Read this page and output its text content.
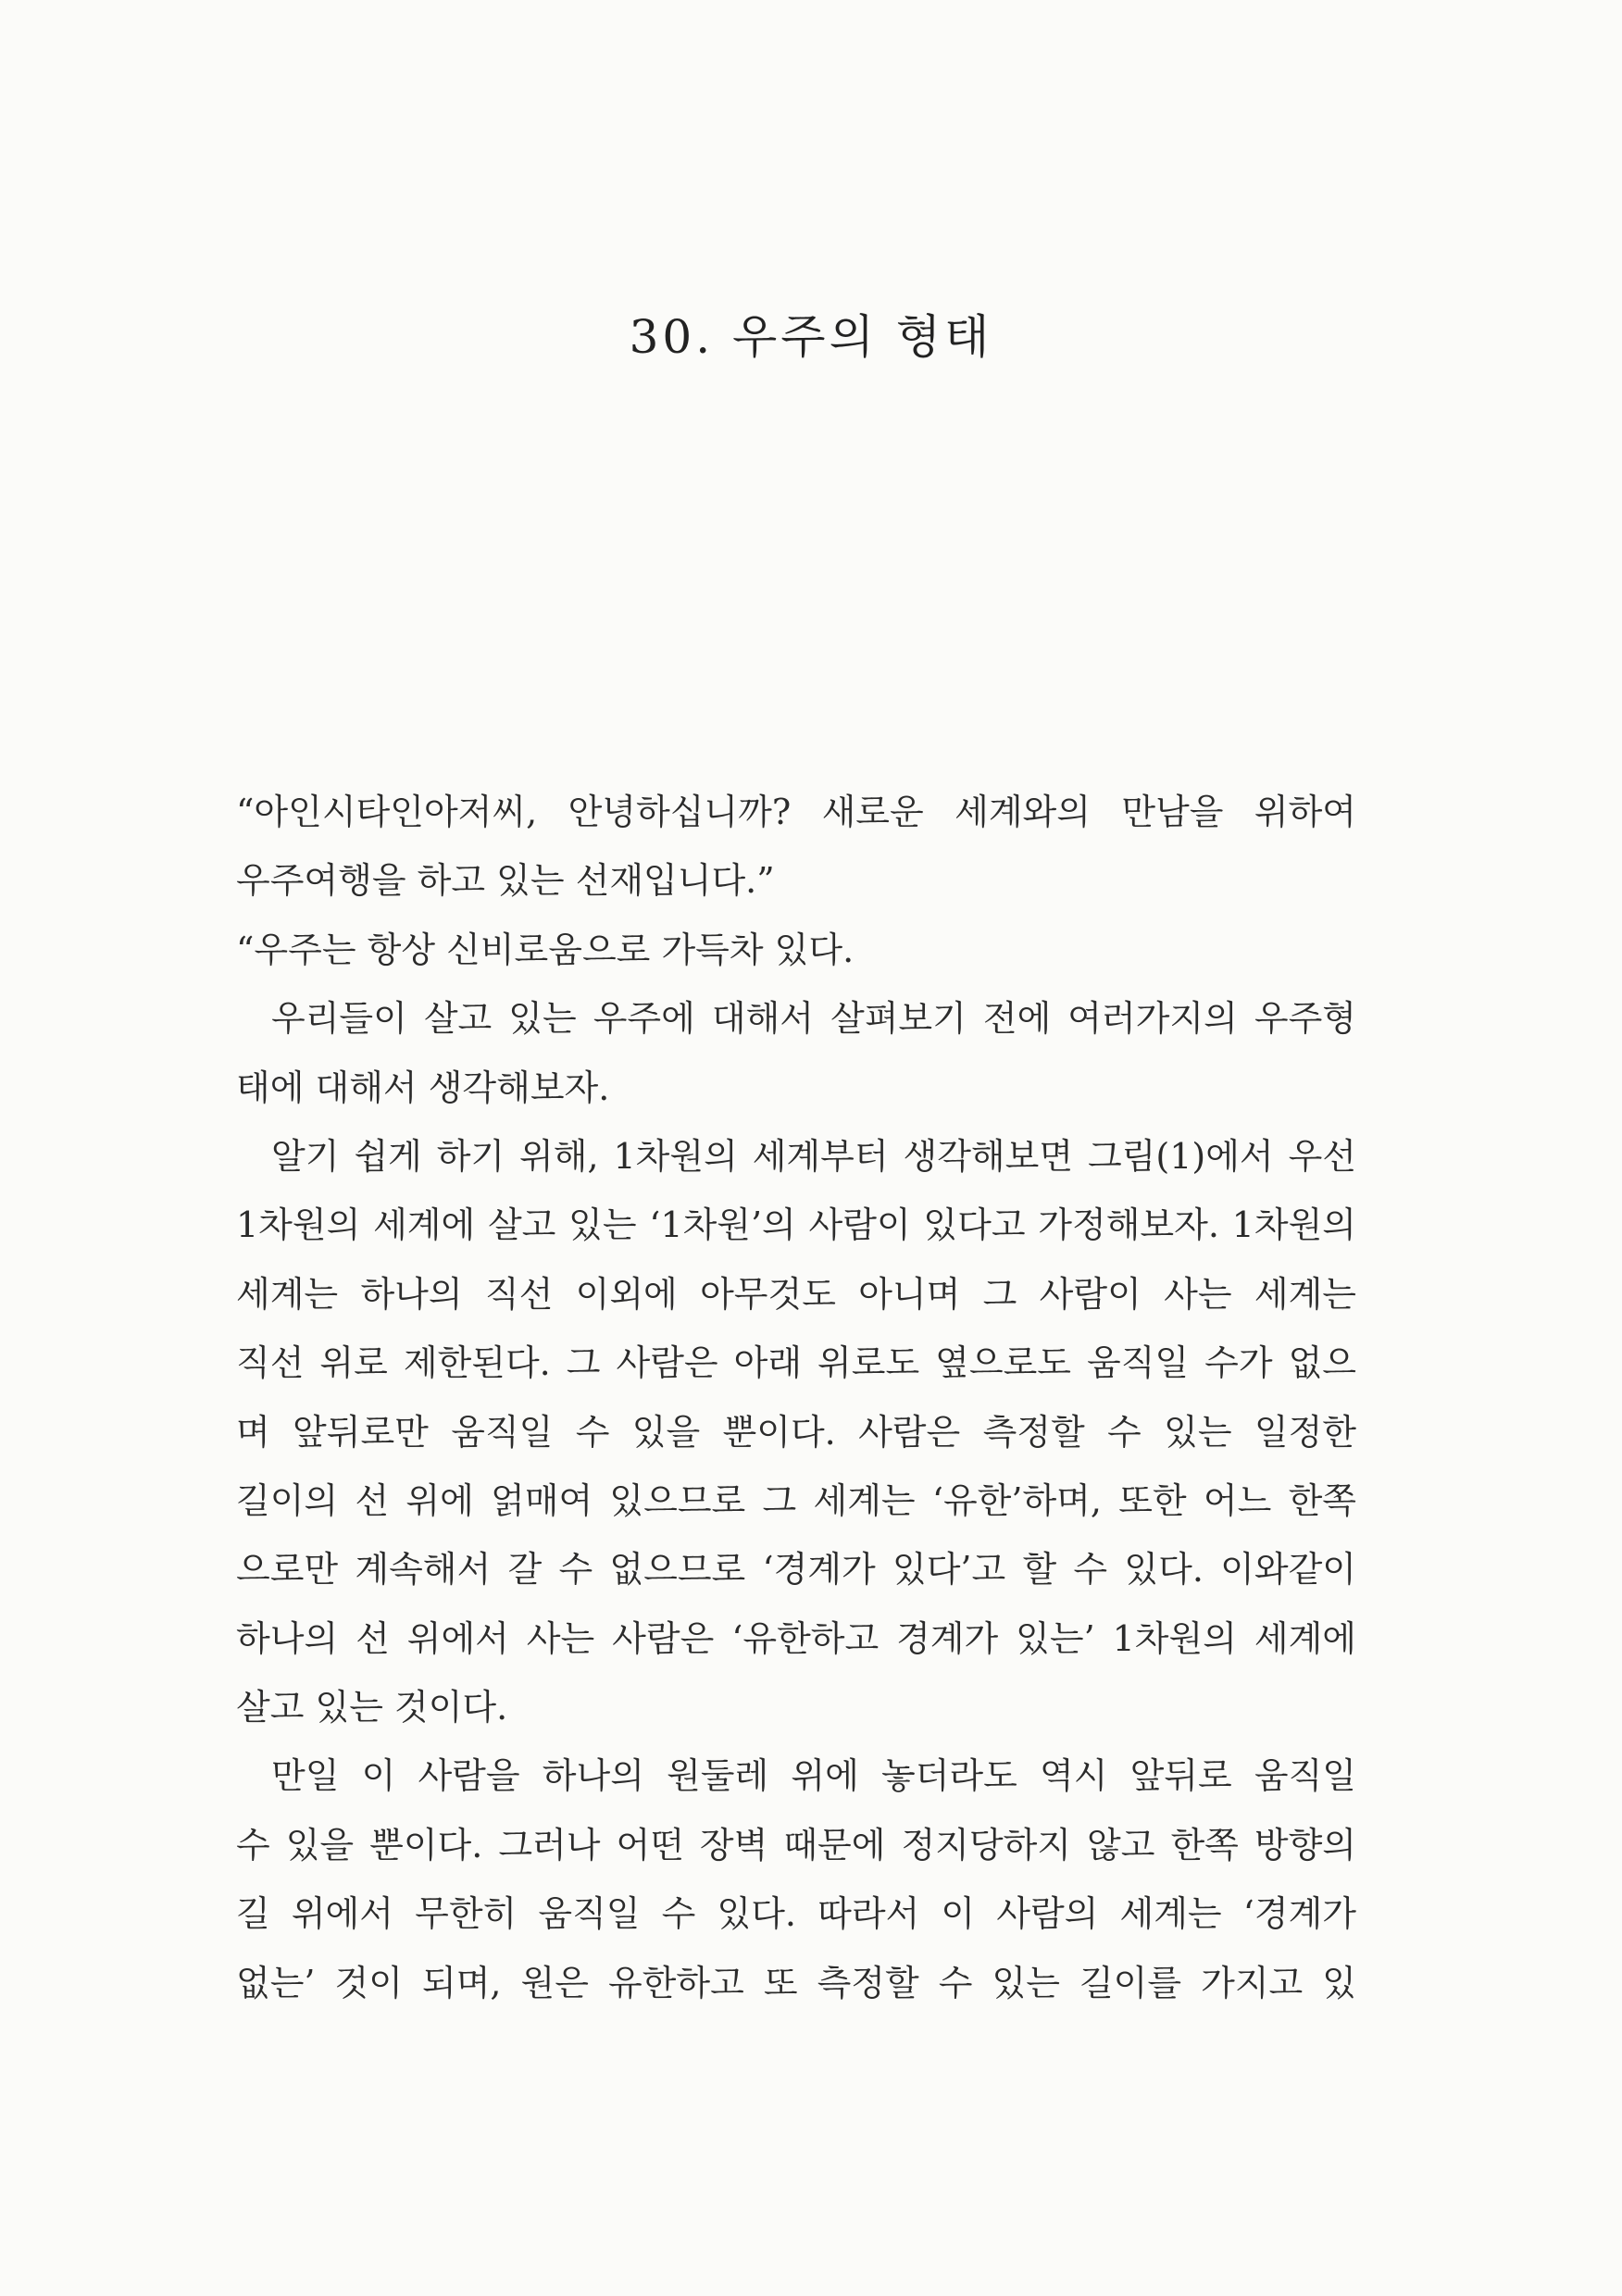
30. 우주의 형태
“아인시타인아저씨, 안녕하십니까? 새로운 세계와의 만남을 위하여
우주여행을 하고 있는 선재입니다.”
“우주는 항상 신비로움으로 가득차 있다.
우리들이 살고 있는 우주에 대해서 살펴보기 전에 여러가지의 우주형
태에 대해서 생각해보자.
알기 쉽게 하기 위해, 1차원의 세계부터 생각해보면 그림(1)에서 우선
1차원의 세계에 살고 있는 ‘1차원’의 사람이 있다고 가정해보자. 1차원의
세계는 하나의 직선 이외에 아무것도 아니며 그 사람이 사는 세계는
직선 위로 제한된다. 그 사람은 아래 위로도 옆으로도 움직일 수가 없으
며 앞뒤로만 움직일 수 있을 뿐이다. 사람은 측정할 수 있는 일정한
길이의 선 위에 얽매여 있으므로 그 세계는 ‘유한’하며, 또한 어느 한쪽
으로만 계속해서 갈 수 없으므로 ‘경계가 있다’고 할 수 있다. 이와같이
하나의 선 위에서 사는 사람은 ‘유한하고 경계가 있는’ 1차원의 세계에
살고 있는 것이다.
만일 이 사람을 하나의 원둘레 위에 놓더라도 역시 앞뒤로 움직일
수 있을 뿐이다. 그러나 어떤 장벽 때문에 정지당하지 않고 한쪽 방향의
길 위에서 무한히 움직일 수 있다. 따라서 이 사람의 세계는 ‘경계가
없는’ 것이 되며, 원은 유한하고 또 측정할 수 있는 길이를 가지고 있
